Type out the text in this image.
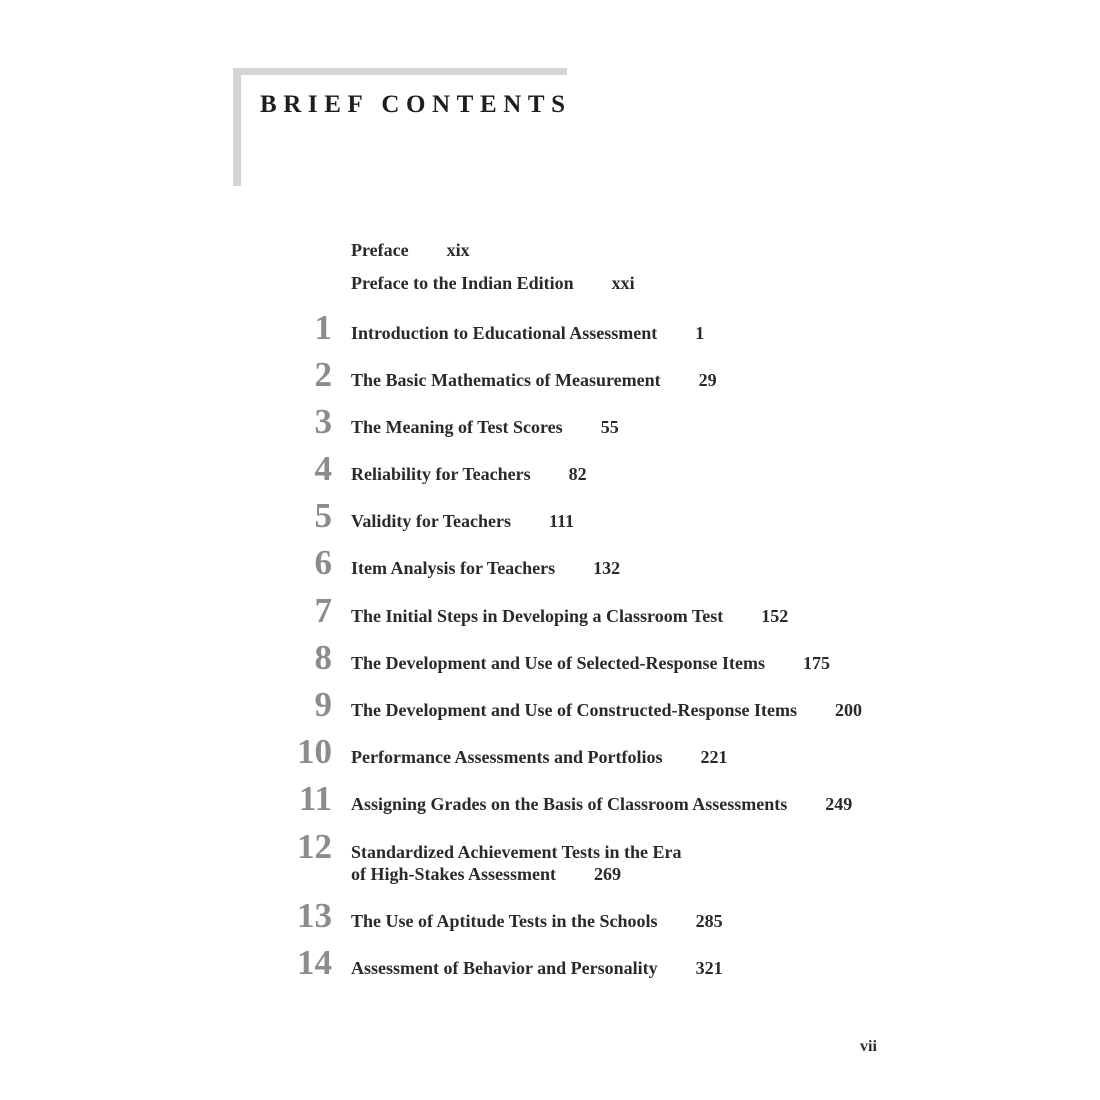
BRIEF CONTENTS
Preface xix
Preface to the Indian Edition xxi
1 Introduction to Educational Assessment 1
2 The Basic Mathematics of Measurement 29
3 The Meaning of Test Scores 55
4 Reliability for Teachers 82
5 Validity for Teachers 111
6 Item Analysis for Teachers 132
7 The Initial Steps in Developing a Classroom Test 152
8 The Development and Use of Selected-Response Items 175
9 The Development and Use of Constructed-Response Items 200
10 Performance Assessments and Portfolios 221
11 Assigning Grades on the Basis of Classroom Assessments 249
12 Standardized Achievement Tests in the Era
of High-Stakes Assessment 269
13 The Use of Aptitude Tests in the Schools 285
14 Assessment of Behavior and Personality 321
vii
